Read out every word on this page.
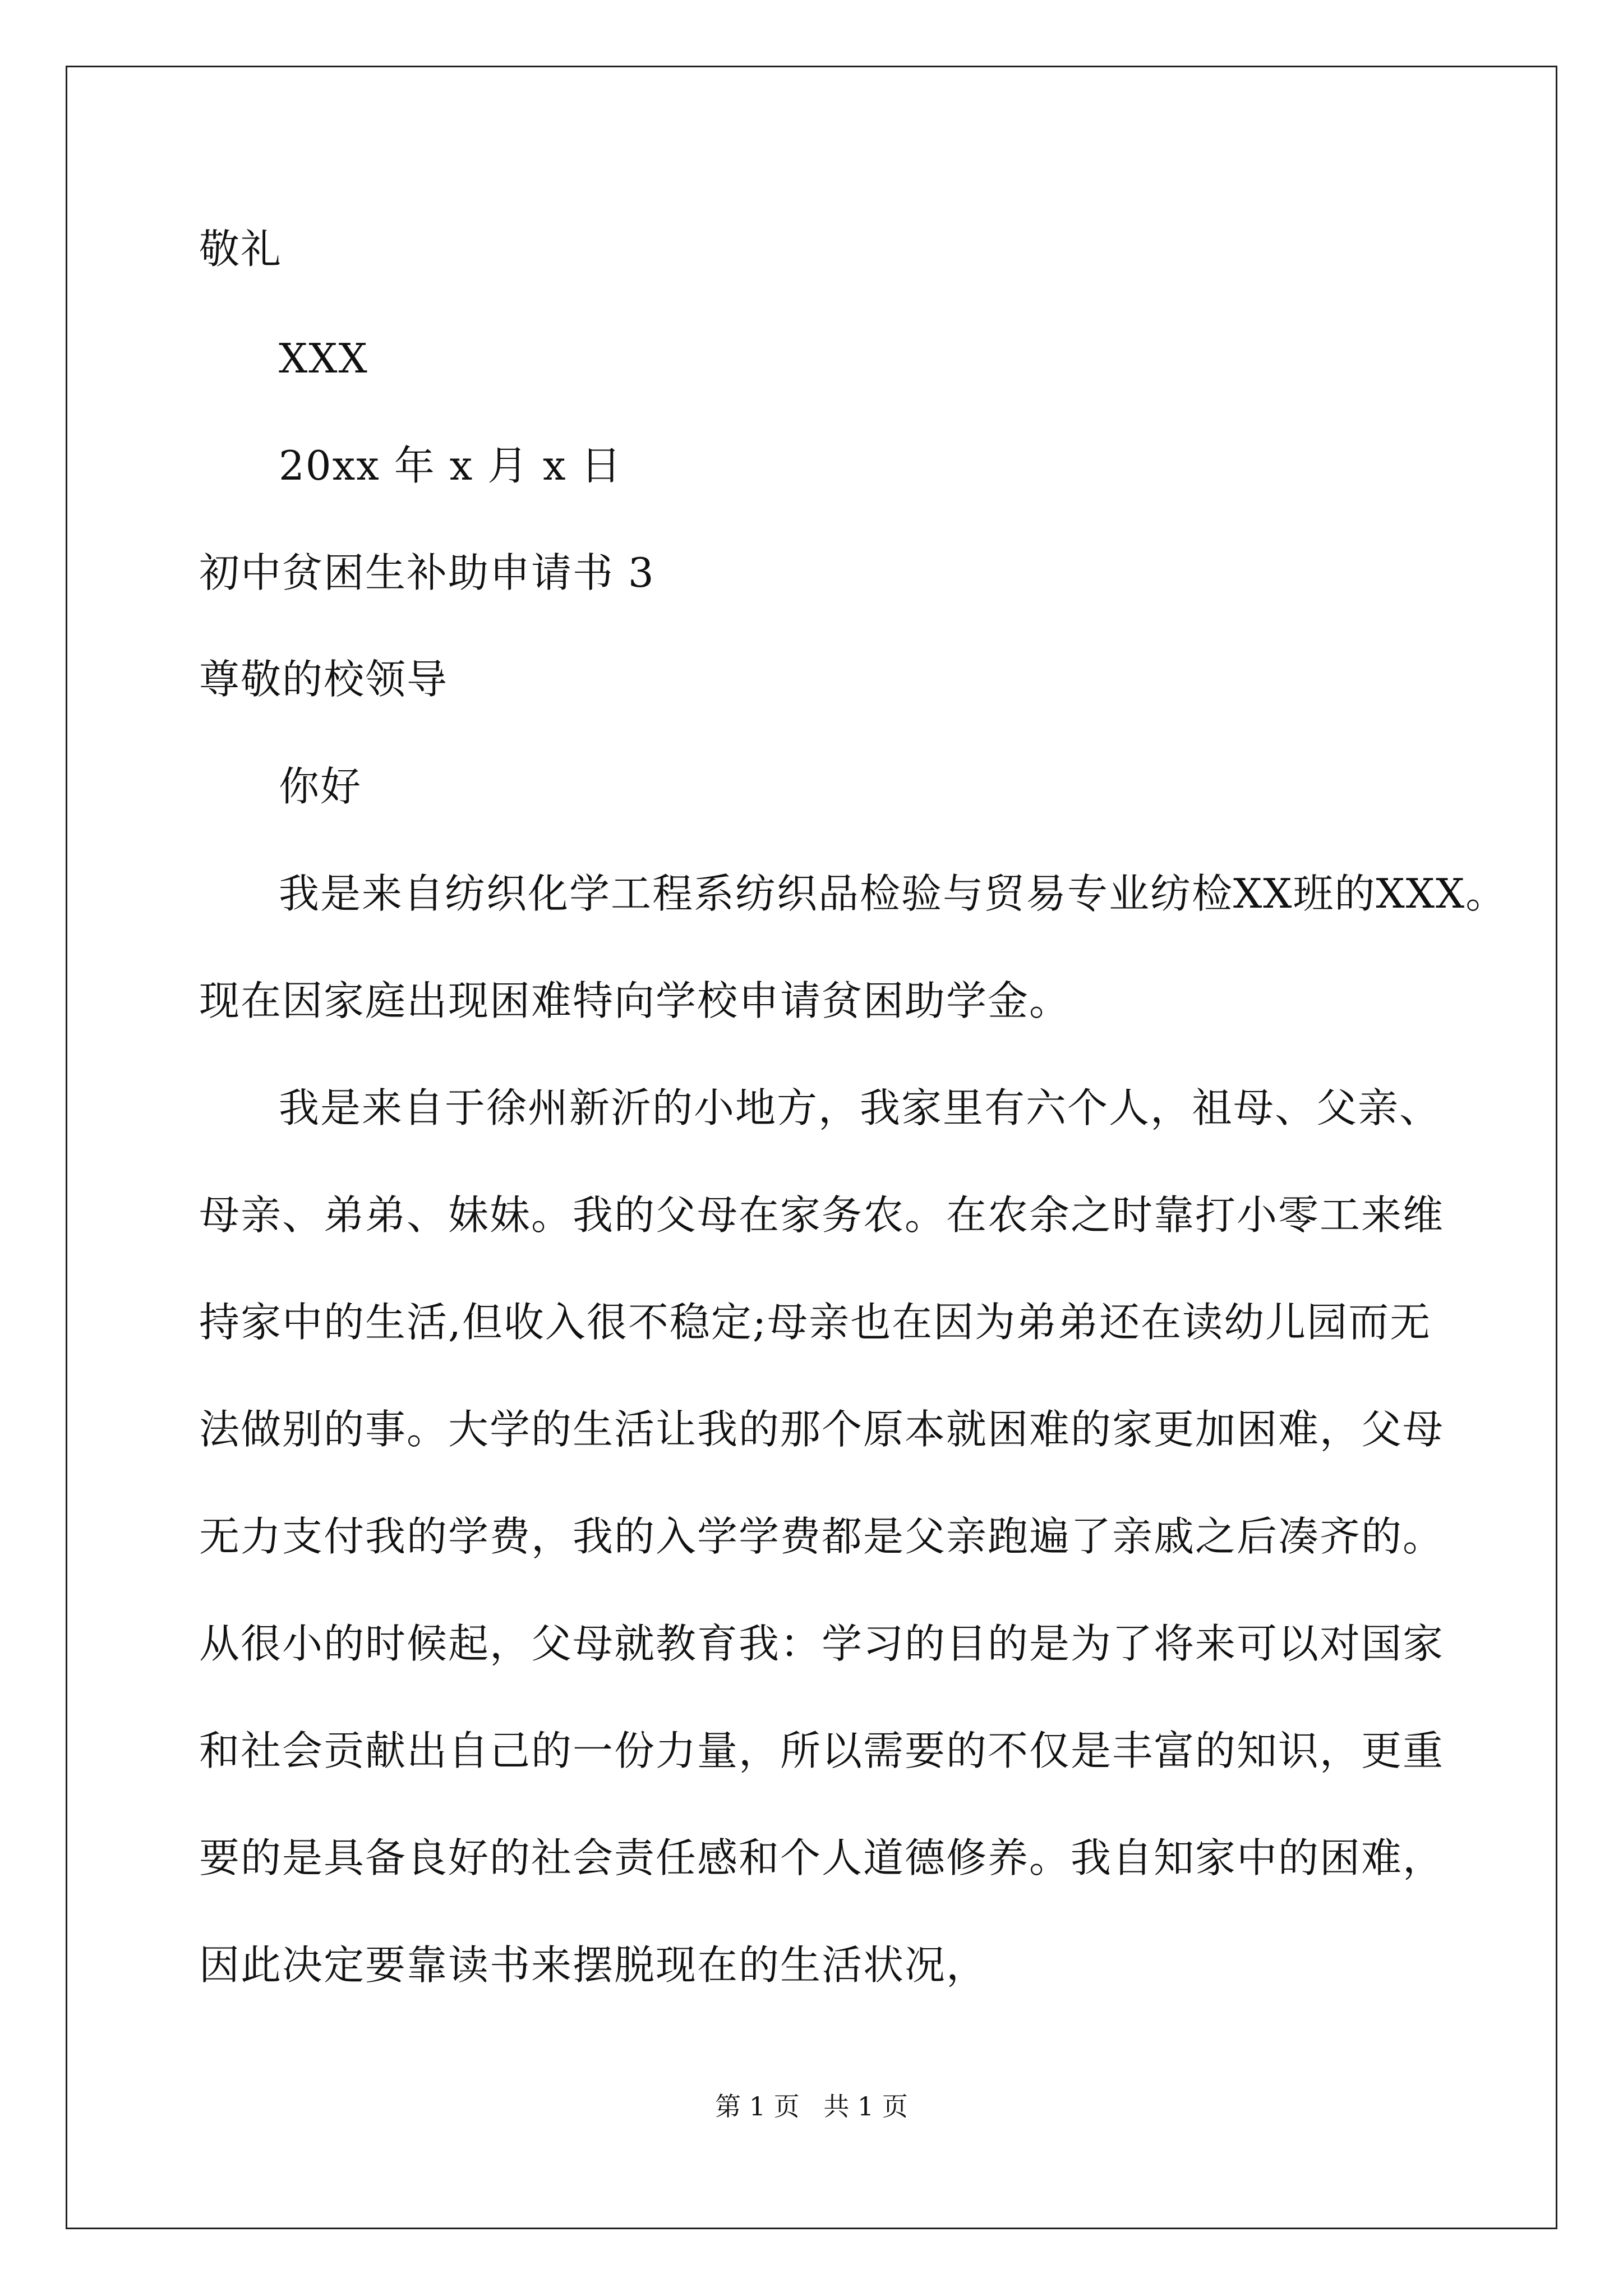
敬礼

XXX

20xx 年 x 月 x 日

初中贫困生补助申请书 3

尊敬的校领导

你好

我是来自纺织化学工程系纺织品检验与贸易专业纺检XX班的XXX。

现在因家庭出现困难特向学校申请贫困助学金。

我是来自于徐州新沂的小地方，我家里有六个人，祖母、父亲、

母亲、弟弟、妹妹。我的父母在家务农。在农余之时靠打小零工来维

持家中的生活,但收入很不稳定;母亲也在因为弟弟还在读幼儿园而无

法做别的事。大学的生活让我的那个原本就困难的家更加困难，父母

无力支付我的学费，我的入学学费都是父亲跑遍了亲戚之后凑齐的。

从很小的时候起，父母就教育我：学习的目的是为了将来可以对国家

和社会贡献出自己的一份力量，所以需要的不仅是丰富的知识，更重

要的是具备良好的社会责任感和个人道德修养。我自知家中的困难，

因此决定要靠读书来摆脱现在的生活状况，

第 1 页 共 1 页
